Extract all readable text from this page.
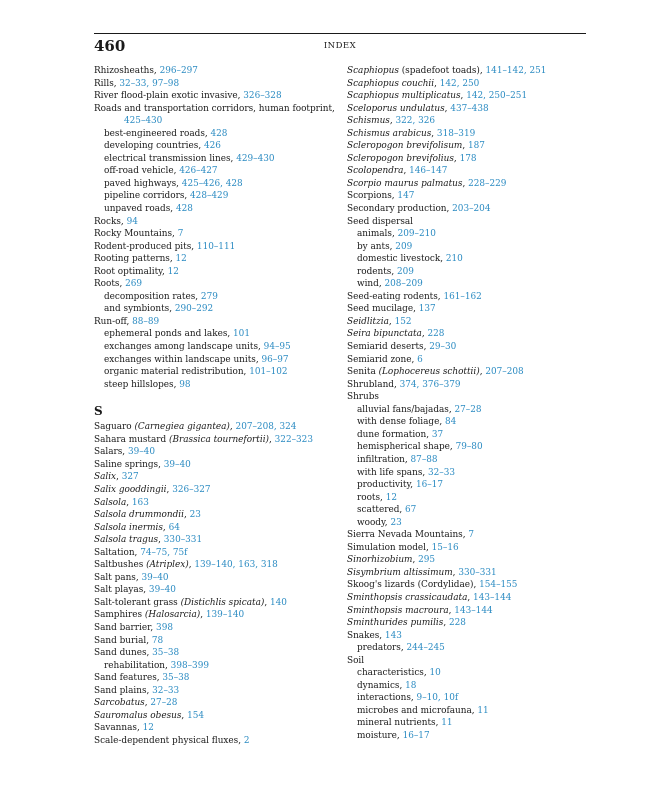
460	INDEX
Rhizosheaths, 296–297
Rills, 32–33, 97–98
River flood-plain exotic invasive, 326–328
Roads and transportation corridors, human footprint,
425–430
best-engineered roads, 428
developing countries, 426
electrical transmission lines, 429–430
off-road vehicle, 426–427
paved highways, 425–426, 428
pipeline corridors, 428–429
unpaved roads, 428
Rocks, 94
Rocky Mountains, 7
Rodent-produced pits, 110–111
Rooting patterns, 12
Root optimality, 12
Roots, 269
decomposition rates, 279
and symbionts, 290–292
Run-off, 88–89
ephemeral ponds and lakes, 101
exchanges among landscape units, 94–95
exchanges within landscape units, 96–97
organic material redistribution, 101–102
steep hillslopes, 98
S
Saguaro (Carnegiea gigantea), 207–208, 324
Sahara mustard (Brassica tournefortii), 322–323
Salars, 39–40
Saline springs, 39–40
Salix, 327
Salix gooddingii, 326–327
Salsola, 163
Salsola drummondii, 23
Salsola inermis, 64
Salsola tragus, 330–331
Saltation, 74–75, 75f
Saltbushes (Atriplex), 139–140, 163, 318
Salt pans, 39–40
Salt playas, 39–40
Salt-tolerant grass (Distichlis spicata), 140
Samphires (Halosarcia), 139–140
Sand barrier, 398
Sand burial, 78
Sand dunes, 35–38
rehabilitation, 398–399
Sand features, 35–38
Sand plains, 32–33
Sarcobatus, 27–28
Sauromalus obesus, 154
Savannas, 12
Scale-dependent physical fluxes, 2
Scaphiopus (spadefoot toads), 141–142, 251
Scaphiopus couchii, 142, 250
Scaphiopus multiplicatus, 142, 250–251
Sceloporus undulatus, 437–438
Schismus, 322, 326
Schismus arabicus, 318–319
Scleropogon brevifolisum, 187
Scleropogon brevifolius, 178
Scolopendra, 146–147
Scorpio maurus palmatus, 228–229
Scorpions, 147
Secondary production, 203–204
Seed dispersal
animals, 209–210
by ants, 209
domestic livestock, 210
rodents, 209
wind, 208–209
Seed-eating rodents, 161–162
Seed mucilage, 137
Seidlitzia, 152
Seira bipunctata, 228
Semiarid deserts, 29–30
Semiarid zone, 6
Senita (Lophocereus schottii), 207–208
Shrubland, 374, 376–379
Shrubs
alluvial fans/bajadas, 27–28
with dense foliage, 84
dune formation, 37
hemispherical shape, 79–80
infiltration, 87–88
with life spans, 32–33
productivity, 16–17
roots, 12
scattered, 67
woody, 23
Sierra Nevada Mountains, 7
Simulation model, 15–16
Sinorhizobium, 295
Sisymbrium altissimum, 330–331
Skoog's lizards (Cordylidae), 154–155
Sminthopsis crassicaudata, 143–144
Sminthopsis macroura, 143–144
Sminthurides pumilis, 228
Snakes, 143
predators, 244–245
Soil
characteristics, 10
dynamics, 18
interactions, 9–10, 10f
microbes and microfauna, 11
mineral nutrients, 11
moisture, 16–17
